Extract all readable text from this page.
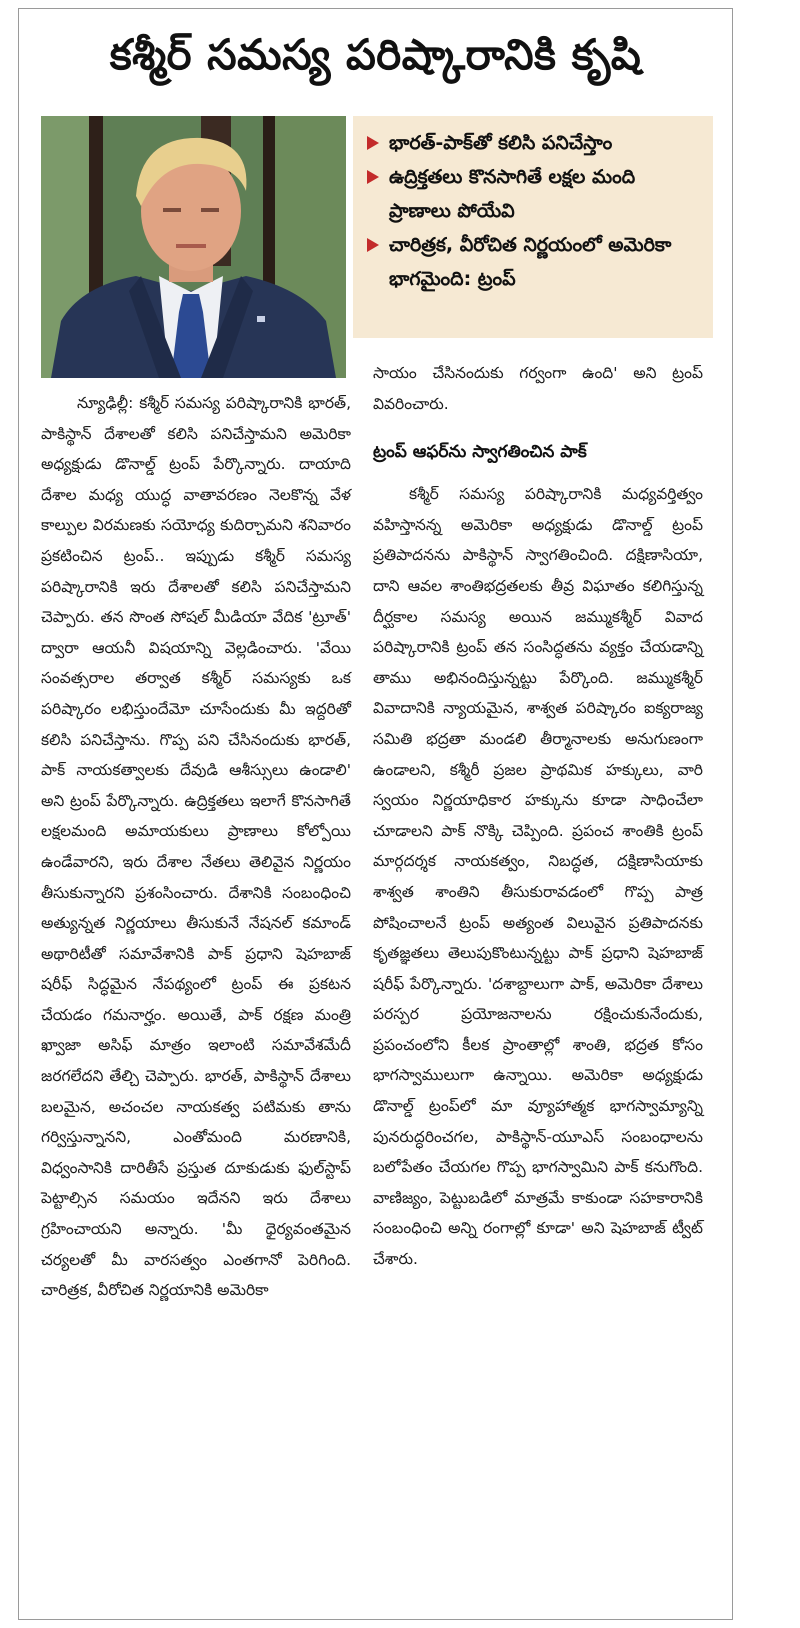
కశ్మీర్ సమస్య పరిష్కారానికి కృషి
భారత్-పాక్‌తో కలిసి పనిచేస్తాం
ఉద్రిక్తతలు కొనసాగితే లక్షల మంది ప్రాణాలు పోయేవి
చారిత్రక, వీరోచిత నిర్ణయంలో అమెరికా భాగమైంది: ట్రంప్

న్యూఢిల్లీ: కశ్మీర్ సమస్య పరిష్కారానికి భారత్, పాకిస్థాన్ దేశాలతో కలిసి పనిచేస్తామని అమెరికా అధ్యక్షుడు డొనాల్డ్ ట్రంప్ పేర్కొన్నారు. దాయాది దేశాల మధ్య యుద్ధ వాతావరణం నెలకొన్న వేళ కాల్పుల విరమణకు సయోధ్య కుదిర్చామని శనివారం ప్రకటించిన ట్రంప్.. ఇప్పుడు కశ్మీర్ సమస్య పరిష్కారానికి ఇరు దేశాలతో కలిసి పనిచేస్తామని చెప్పారు. తన సొంత సోషల్ మీడియా వేదిక 'ట్రూత్' ద్వారా ఆయనీ విషయాన్ని వెల్లడించారు. 'వేయి సంవత్సరాల తర్వాత కశ్మీర్ సమస్యకు ఒక పరిష్కారం లభిస్తుందేమో చూసేందుకు మీ ఇద్దరితో కలిసి పనిచేస్తాను. గొప్ప పని చేసినందుకు భారత్, పాక్ నాయకత్వాలకు దేవుడి ఆశీస్సులు ఉండాలి' అని ట్రంప్ పేర్కొన్నారు. ఉద్రిక్తతలు ఇలాగే కొనసాగితే లక్షలమంది అమాయకులు ప్రాణాలు కోల్పోయి ఉండేవారని, ఇరు దేశాల నేతలు తెలివైన నిర్ణయం తీసుకున్నారని ప్రశంసించారు. దేశానికి సంబంధించి అత్యున్నత నిర్ణయాలు తీసుకునే నేషనల్ కమాండ్ అథారిటీతో సమావేశానికి పాక్ ప్రధాని షెహబాజ్ షరీఫ్ సిద్ధమైన నేపథ్యంలో ట్రంప్ ఈ ప్రకటన చేయడం గమనార్హం. అయితే, పాక్ రక్షణ మంత్రి ఖ్వాజా అసిఫ్ మాత్రం ఇలాంటి సమావేశమేదీ జరగలేదని తేల్చి చెప్పారు. భారత్, పాకిస్థాన్ దేశాలు బలమైన, అచంచల నాయకత్వ పటిమకు తాను గర్విస్తున్నానని, ఎంతోమంది మరణానికి, విధ్వంసానికి దారితీసే ప్రస్తుత దూకుడుకు ఫుల్‌స్టాప్ పెట్టాల్సిన సమయం ఇదేనని ఇరు దేశాలు గ్రహించాయని అన్నారు. 'మీ ధైర్యవంతమైన చర్యలతో మీ వారసత్వం ఎంతగానో పెరిగింది. చారిత్రక, వీరోచిత నిర్ణయానికి అమెరికా

సాయం చేసినందుకు గర్వంగా ఉంది' అని ట్రంప్ వివరించారు.

ట్రంప్ ఆఫర్‌ను స్వాగతించిన పాక్

కశ్మీర్ సమస్య పరిష్కారానికి మధ్యవర్తిత్వం వహిస్తానన్న అమెరికా అధ్యక్షుడు డొనాల్డ్ ట్రంప్ ప్రతిపాదనను పాకిస్థాన్ స్వాగతించింది. దక్షిణాసియా, దాని ఆవల శాంతిభద్రతలకు తీవ్ర విఘాతం కలిగిస్తున్న దీర్ఘకాల సమస్య అయిన జమ్ముకశ్మీర్ వివాద పరిష్కారానికి ట్రంప్ తన సంసిద్ధతను వ్యక్తం చేయడాన్ని తాము అభినందిస్తున్నట్టు పేర్కొంది. జమ్ముకశ్మీర్ వివాదానికి న్యాయమైన, శాశ్వత పరిష్కారం ఐక్యరాజ్య సమితి భద్రతా మండలి తీర్మానాలకు అనుగుణంగా ఉండాలని, కశ్మీరీ ప్రజల ప్రాథమిక హక్కులు, వారి స్వయం నిర్ణయాధికార హక్కును కూడా సాధించేలా చూడాలని పాక్ నొక్కి చెప్పింది. ప్రపంచ శాంతికి ట్రంప్ మార్గదర్శక నాయకత్వం, నిబద్ధత, దక్షిణాసియాకు శాశ్వత శాంతిని తీసుకురావడంలో గొప్ప పాత్ర పోషించాలనే ట్రంప్ అత్యంత విలువైన ప్రతిపాదనకు కృతజ్ఞతలు తెలుపుకొంటున్నట్టు పాక్ ప్రధాని షెహబాజ్ షరీఫ్ పేర్కొన్నారు. 'దశాబ్దాలుగా పాక్, అమెరికా దేశాలు పరస్పర ప్రయోజనాలను రక్షించుకునేందుకు, ప్రపంచంలోని కీలక ప్రాంతాల్లో శాంతి, భద్రత కోసం భాగస్వాములుగా ఉన్నాయి. అమెరికా అధ్యక్షుడు డొనాల్డ్ ట్రంప్‌లో మా వ్యూహాత్మక భాగస్వామ్యాన్ని పునరుద్ధరించగల, పాకిస్థాన్-యూఎస్ సంబంధాలను బలోపేతం చేయగల గొప్ప భాగస్వామిని పాక్ కనుగొంది. వాణిజ్యం, పెట్టుబడిలో మాత్రమే కాకుండా సహకారానికి సంబంధించి అన్ని రంగాల్లో కూడా' అని షెహబాజ్ ట్వీట్ చేశారు.
